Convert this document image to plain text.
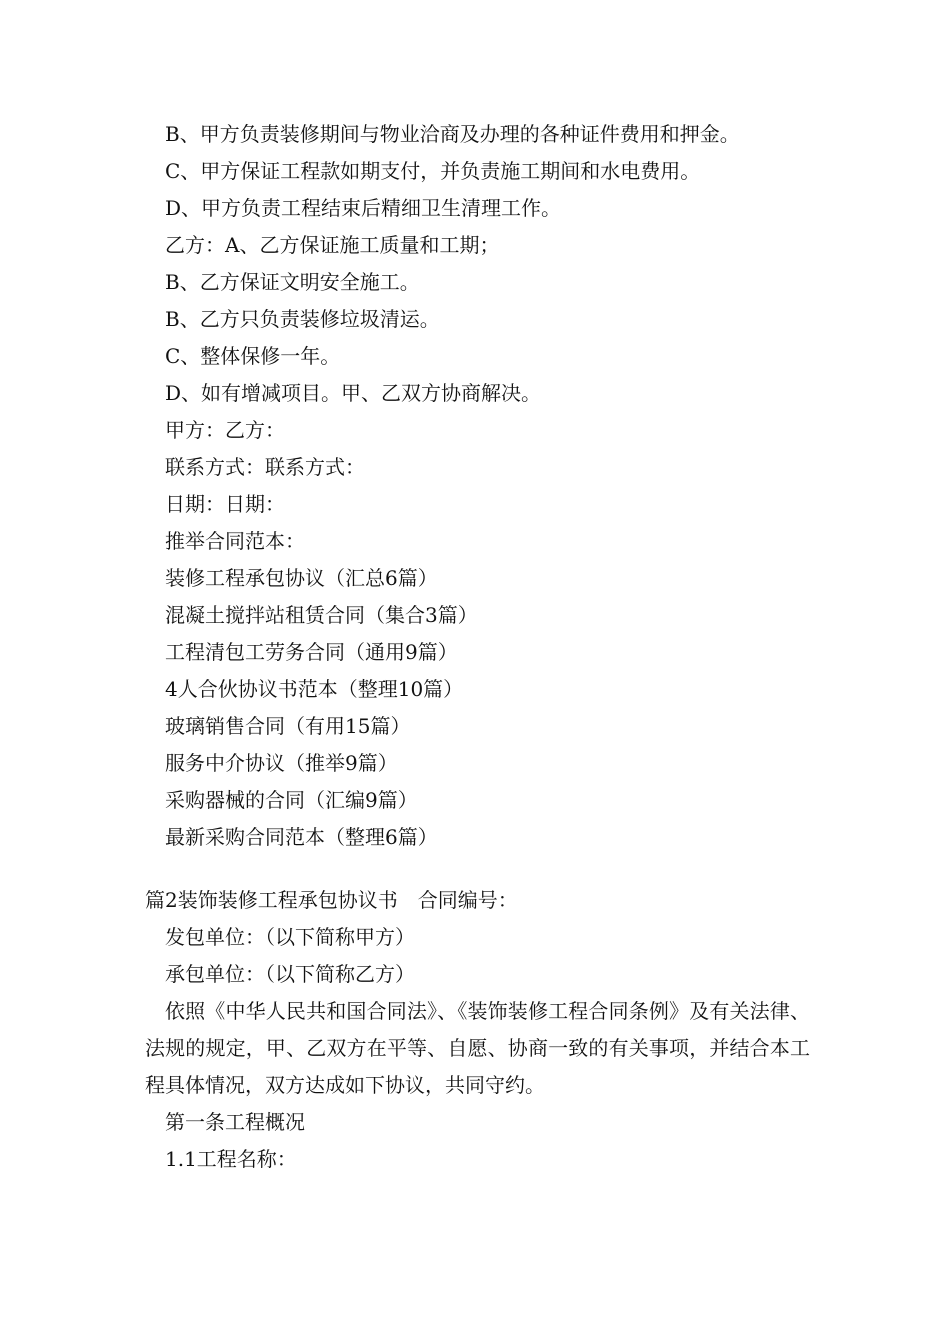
B、甲方负责装修期间与物业洽商及办理的各种证件费用和押金。
C、甲方保证工程款如期支付，并负责施工期间和水电费用。
D、甲方负责工程结束后精细卫生清理工作。
乙方：A、乙方保证施工质量和工期；
B、乙方保证文明安全施工。
B、乙方只负责装修垃圾清运。
C、整体保修一年。
D、如有增减项目。甲、乙双方协商解决。
甲方：乙方：
联系方式：联系方式：
日期：日期：
推举合同范本：
装修工程承包协议（汇总6篇）
混凝土搅拌站租赁合同（集合3篇）
工程清包工劳务合同（通用9篇）
4人合伙协议书范本（整理10篇）
玻璃销售合同（有用15篇）
服务中介协议（推举9篇）
采购器械的合同（汇编9篇）
最新采购合同范本（整理6篇）
篇2装饰装修工程承包协议书　合同编号：
发包单位：（以下简称甲方）
承包单位：（以下简称乙方）
依照《中华人民共和国合同法》、《装饰装修工程合同条例》及有关法律、法规的规定，甲、乙双方在平等、自愿、协商一致的有关事项，并结合本工程具体情况，双方达成如下协议，共同守约。
第一条工程概况
1.1工程名称：
